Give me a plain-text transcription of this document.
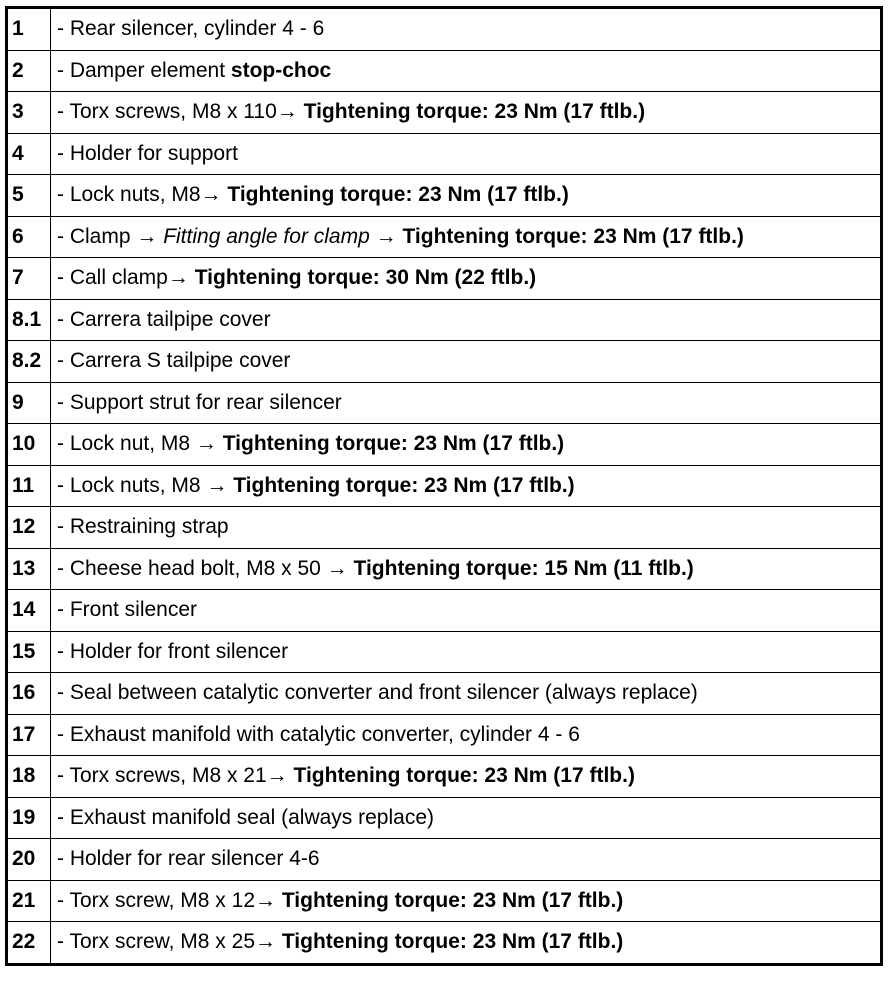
1	- Rear silencer, cylinder 4 - 6
2	- Damper element stop-choc
3	- Torx screws, M8 x 110→ Tightening torque: 23 Nm (17 ftlb.)
4	- Holder for support
5	- Lock nuts, M8→ Tightening torque: 23 Nm (17 ftlb.)
6	- Clamp → Fitting angle for clamp → Tightening torque: 23 Nm (17 ftlb.)
7	- Call clamp→ Tightening torque: 30 Nm (22 ftlb.)
8.1	- Carrera tailpipe cover
8.2	- Carrera S tailpipe cover
9	- Support strut for rear silencer
10	- Lock nut, M8 → Tightening torque: 23 Nm (17 ftlb.)
11	- Lock nuts, M8 → Tightening torque: 23 Nm (17 ftlb.)
12	- Restraining strap
13	- Cheese head bolt, M8 x 50 → Tightening torque: 15 Nm (11 ftlb.)
14	- Front silencer
15	- Holder for front silencer
16	- Seal between catalytic converter and front silencer (always replace)
17	- Exhaust manifold with catalytic converter, cylinder 4 - 6
18	- Torx screws, M8 x 21→ Tightening torque: 23 Nm (17 ftlb.)
19	- Exhaust manifold seal (always replace)
20	- Holder for rear silencer 4-6
21	- Torx screw, M8 x 12→ Tightening torque: 23 Nm (17 ftlb.)
22	- Torx screw, M8 x 25→ Tightening torque: 23 Nm (17 ftlb.)
